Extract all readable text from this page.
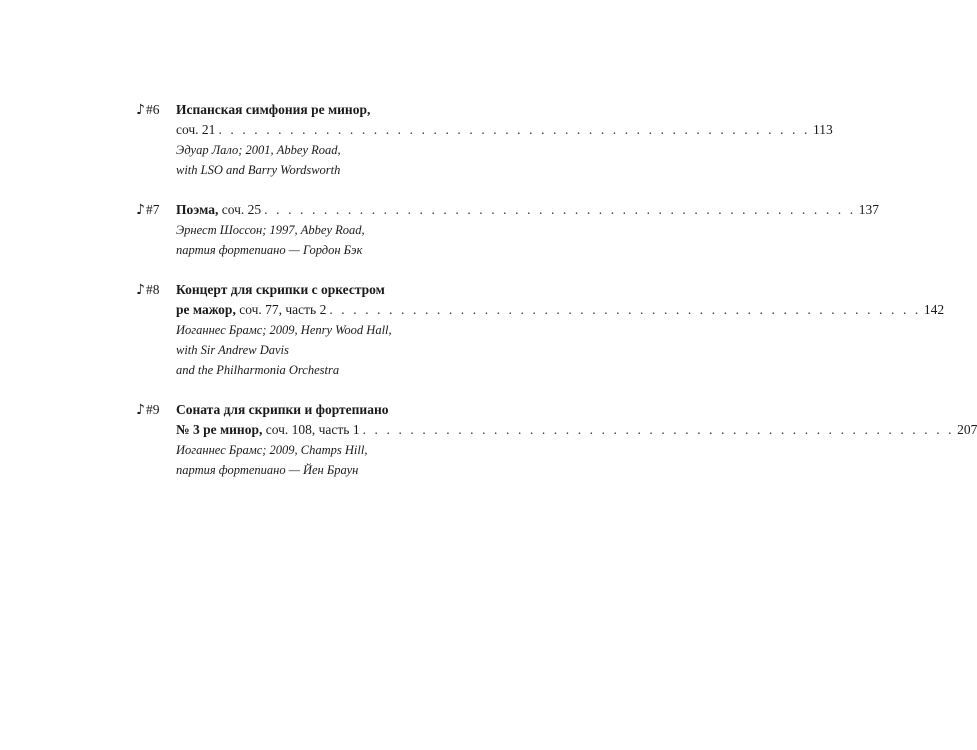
♪#6 Испанская симфония ре минор,
соч. 21 . . . . . . . . . . . . . . . . . . . . . . . . . . . . . . . . . . . . . . . . . . . . . . . . . . 113
Эдуар Лало; 2001, Abbey Road,
with LSO and Barry Wordsworth
♪#7 Поэма, соч. 25 . . . . . . . . . . . . . . . . . . . . . . . . . . . . . . . . . . . . . . . . . . . . . . . . . . 137
Эрнест Шоссон; 1997, Abbey Road,
партия фортепиано — Гордон Бэк
♪#8 Концерт для скрипки с оркестром
ре мажор, соч. 77, часть 2 . . . . . . . . . . . . . . . . . . . . . . . . . . . . . . . . . . . . . . . . . . . . . . . . . . 142
Иоганнес Брамс; 2009, Henry Wood Hall,
with Sir Andrew Davis
and the Philharmonia Orchestra
♪#9 Соната для скрипки и фортепиано
№ 3 ре минор, соч. 108, часть 1 . . . . . . . . . . . . . . . . . . . . . . . . . . . . . . . . . . . . . . . . . . . . . . . . . . 207
Иоганнес Брамс; 2009, Champs Hill,
партия фортепиано — Йен Браун
